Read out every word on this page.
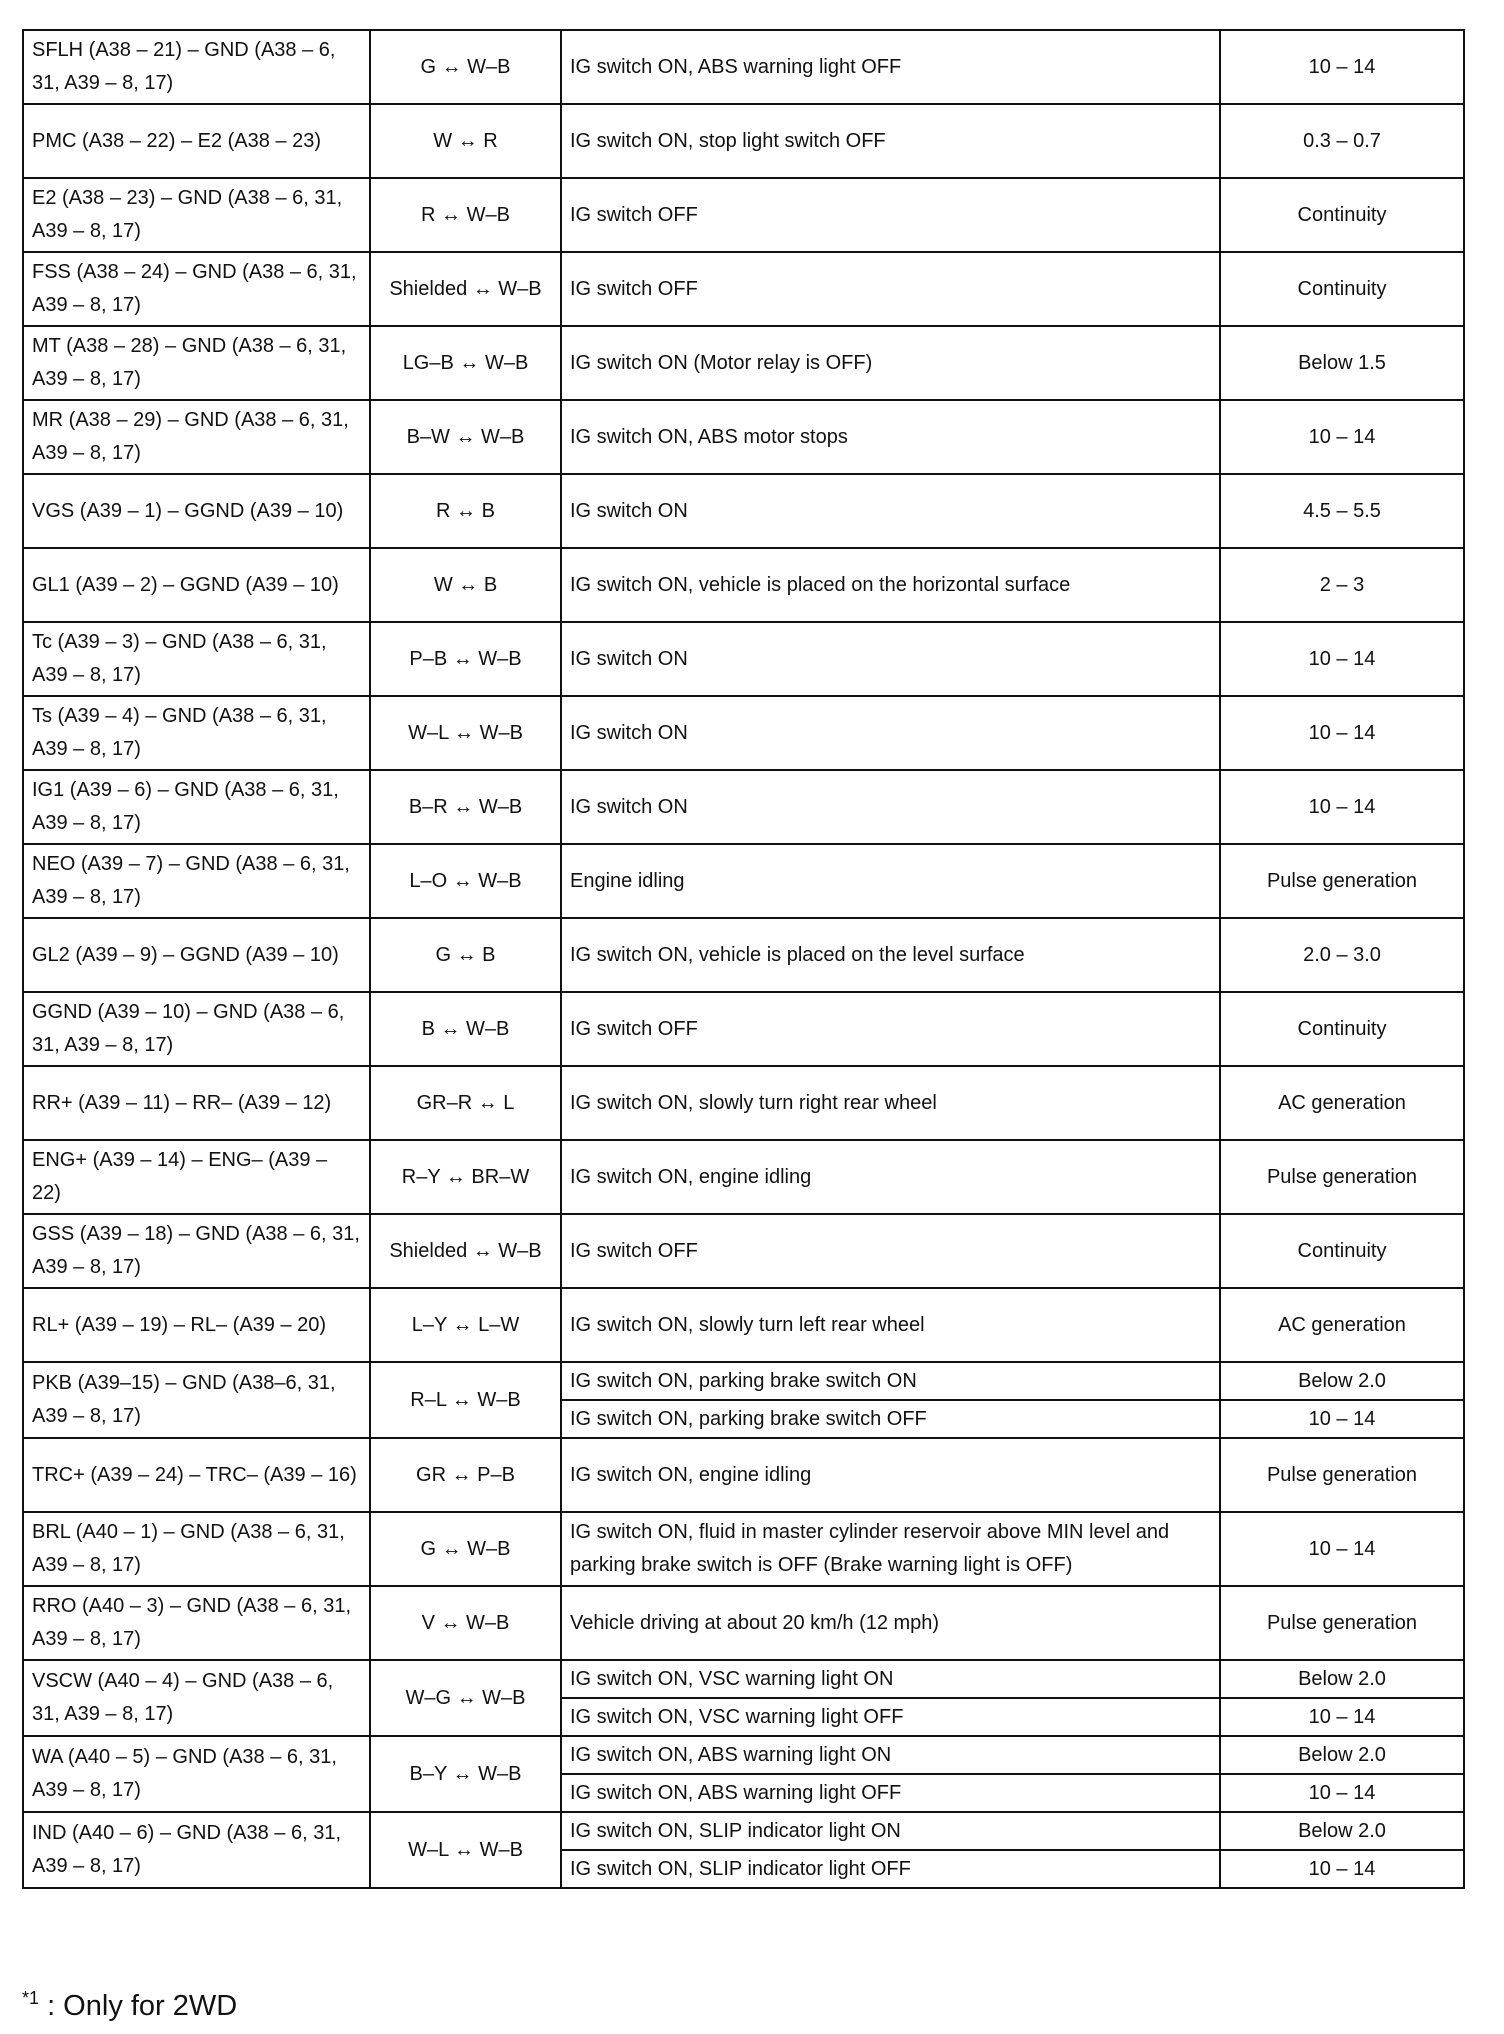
SFLH (A38 – 21) – GND (A38 – 6, 31, A39 – 8, 17)	G ↔ W–B	IG switch ON, ABS warning light OFF	10 – 14
PMC (A38 – 22) – E2 (A38 – 23)	W ↔ R	IG switch ON, stop light switch OFF	0.3 – 0.7
E2 (A38 – 23) – GND (A38 – 6, 31, A39 – 8, 17)	R ↔ W–B	IG switch OFF	Continuity
FSS (A38 – 24) – GND (A38 – 6, 31, A39 – 8, 17)	Shielded ↔ W–B	IG switch OFF	Continuity
MT (A38 – 28) – GND (A38 – 6, 31, A39 – 8, 17)	LG–B ↔ W–B	IG switch ON (Motor relay is OFF)	Below 1.5
MR (A38 – 29) – GND (A38 – 6, 31, A39 – 8, 17)	B–W ↔ W–B	IG switch ON, ABS motor stops	10 – 14
VGS (A39 – 1) – GGND (A39 – 10)	R ↔ B	IG switch ON	4.5 – 5.5
GL1 (A39 – 2) – GGND (A39 – 10)	W ↔ B	IG switch ON, vehicle is placed on the horizontal surface	2 – 3
Tc (A39 – 3) – GND (A38 – 6, 31, A39 – 8, 17)	P–B ↔ W–B	IG switch ON	10 – 14
Ts (A39 – 4) – GND (A38 – 6, 31, A39 – 8, 17)	W–L ↔ W–B	IG switch ON	10 – 14
IG1 (A39 – 6) – GND (A38 – 6, 31, A39 – 8, 17)	B–R ↔ W–B	IG switch ON	10 – 14
NEO (A39 – 7) – GND (A38 – 6, 31, A39 – 8, 17)	L–O ↔ W–B	Engine idling	Pulse generation
GL2 (A39 – 9) – GGND (A39 – 10)	G ↔ B	IG switch ON, vehicle is placed on the level surface	2.0 – 3.0
GGND (A39 – 10) – GND (A38 – 6, 31, A39 – 8, 17)	B ↔ W–B	IG switch OFF	Continuity
RR+ (A39 – 11) – RR– (A39 – 12)	GR–R ↔ L	IG switch ON, slowly turn right rear wheel	AC generation
ENG+ (A39 – 14) – ENG– (A39 – 22)	R–Y ↔ BR–W	IG switch ON, engine idling	Pulse generation
GSS (A39 – 18) – GND (A38 – 6, 31, A39 – 8, 17)	Shielded ↔ W–B	IG switch OFF	Continuity
RL+ (A39 – 19) – RL– (A39 – 20)	L–Y ↔ L–W	IG switch ON, slowly turn left rear wheel	AC generation
PKB (A39–15) – GND (A38–6, 31, A39 – 8, 17)	R–L ↔ W–B	IG switch ON, parking brake switch ON	Below 2.0
		IG switch ON, parking brake switch OFF	10 – 14
TRC+ (A39 – 24) – TRC– (A39 – 16)	GR ↔ P–B	IG switch ON, engine idling	Pulse generation
BRL (A40 – 1) – GND (A38 – 6, 31, A39 – 8, 17)	G ↔ W–B	IG switch ON, fluid in master cylinder reservoir above MIN level and parking brake switch is OFF (Brake warning light is OFF)	10 – 14
RRO (A40 – 3) – GND (A38 – 6, 31, A39 – 8, 17)	V ↔ W–B	Vehicle driving at about 20 km/h (12 mph)	Pulse generation
VSCW (A40 – 4) – GND (A38 – 6, 31, A39 – 8, 17)	W–G ↔ W–B	IG switch ON, VSC warning light ON	Below 2.0
		IG switch ON, VSC warning light OFF	10 – 14
WA (A40 – 5) – GND (A38 – 6, 31, A39 – 8, 17)	B–Y ↔ W–B	IG switch ON, ABS warning light ON	Below 2.0
		IG switch ON, ABS warning light OFF	10 – 14
IND (A40 – 6) – GND (A38 – 6, 31, A39 – 8, 17)	W–L ↔ W–B	IG switch ON, SLIP indicator light ON	Below 2.0
		IG switch ON, SLIP indicator light OFF	10 – 14
$^{*1}$ : Only for 2WD
